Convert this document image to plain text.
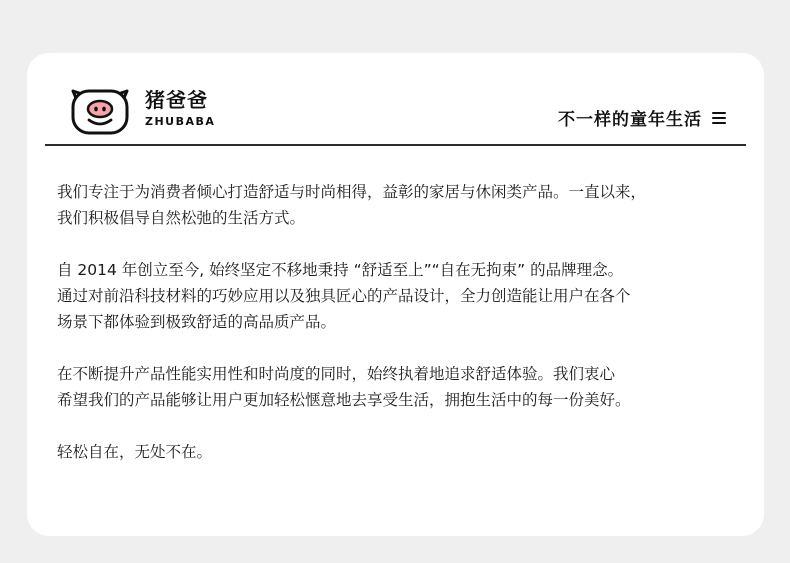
猪爸爸
ZHUBABA	不一样的童年生活

我们专注于为消费者倾心打造舒适与时尚相得，益彰的家居与休闲类产品。一直以来，
我们积极倡导自然松弛的生活方式。

自 2014 年创立至今, 始终坚定不移地秉持 “舒适至上”“自在无拘束” 的品牌理念。
通过对前沿科技材料的巧妙应用以及独具匠心的产品设计，全力创造能让用户在各个
场景下都体验到极致舒适的高品质产品。

在不断提升产品性能实用性和时尚度的同时，始终执着地追求舒适体验。我们衷心
希望我们的产品能够让用户更加轻松惬意地去享受生活，拥抱生活中的每一份美好。

轻松自在，无处不在。
